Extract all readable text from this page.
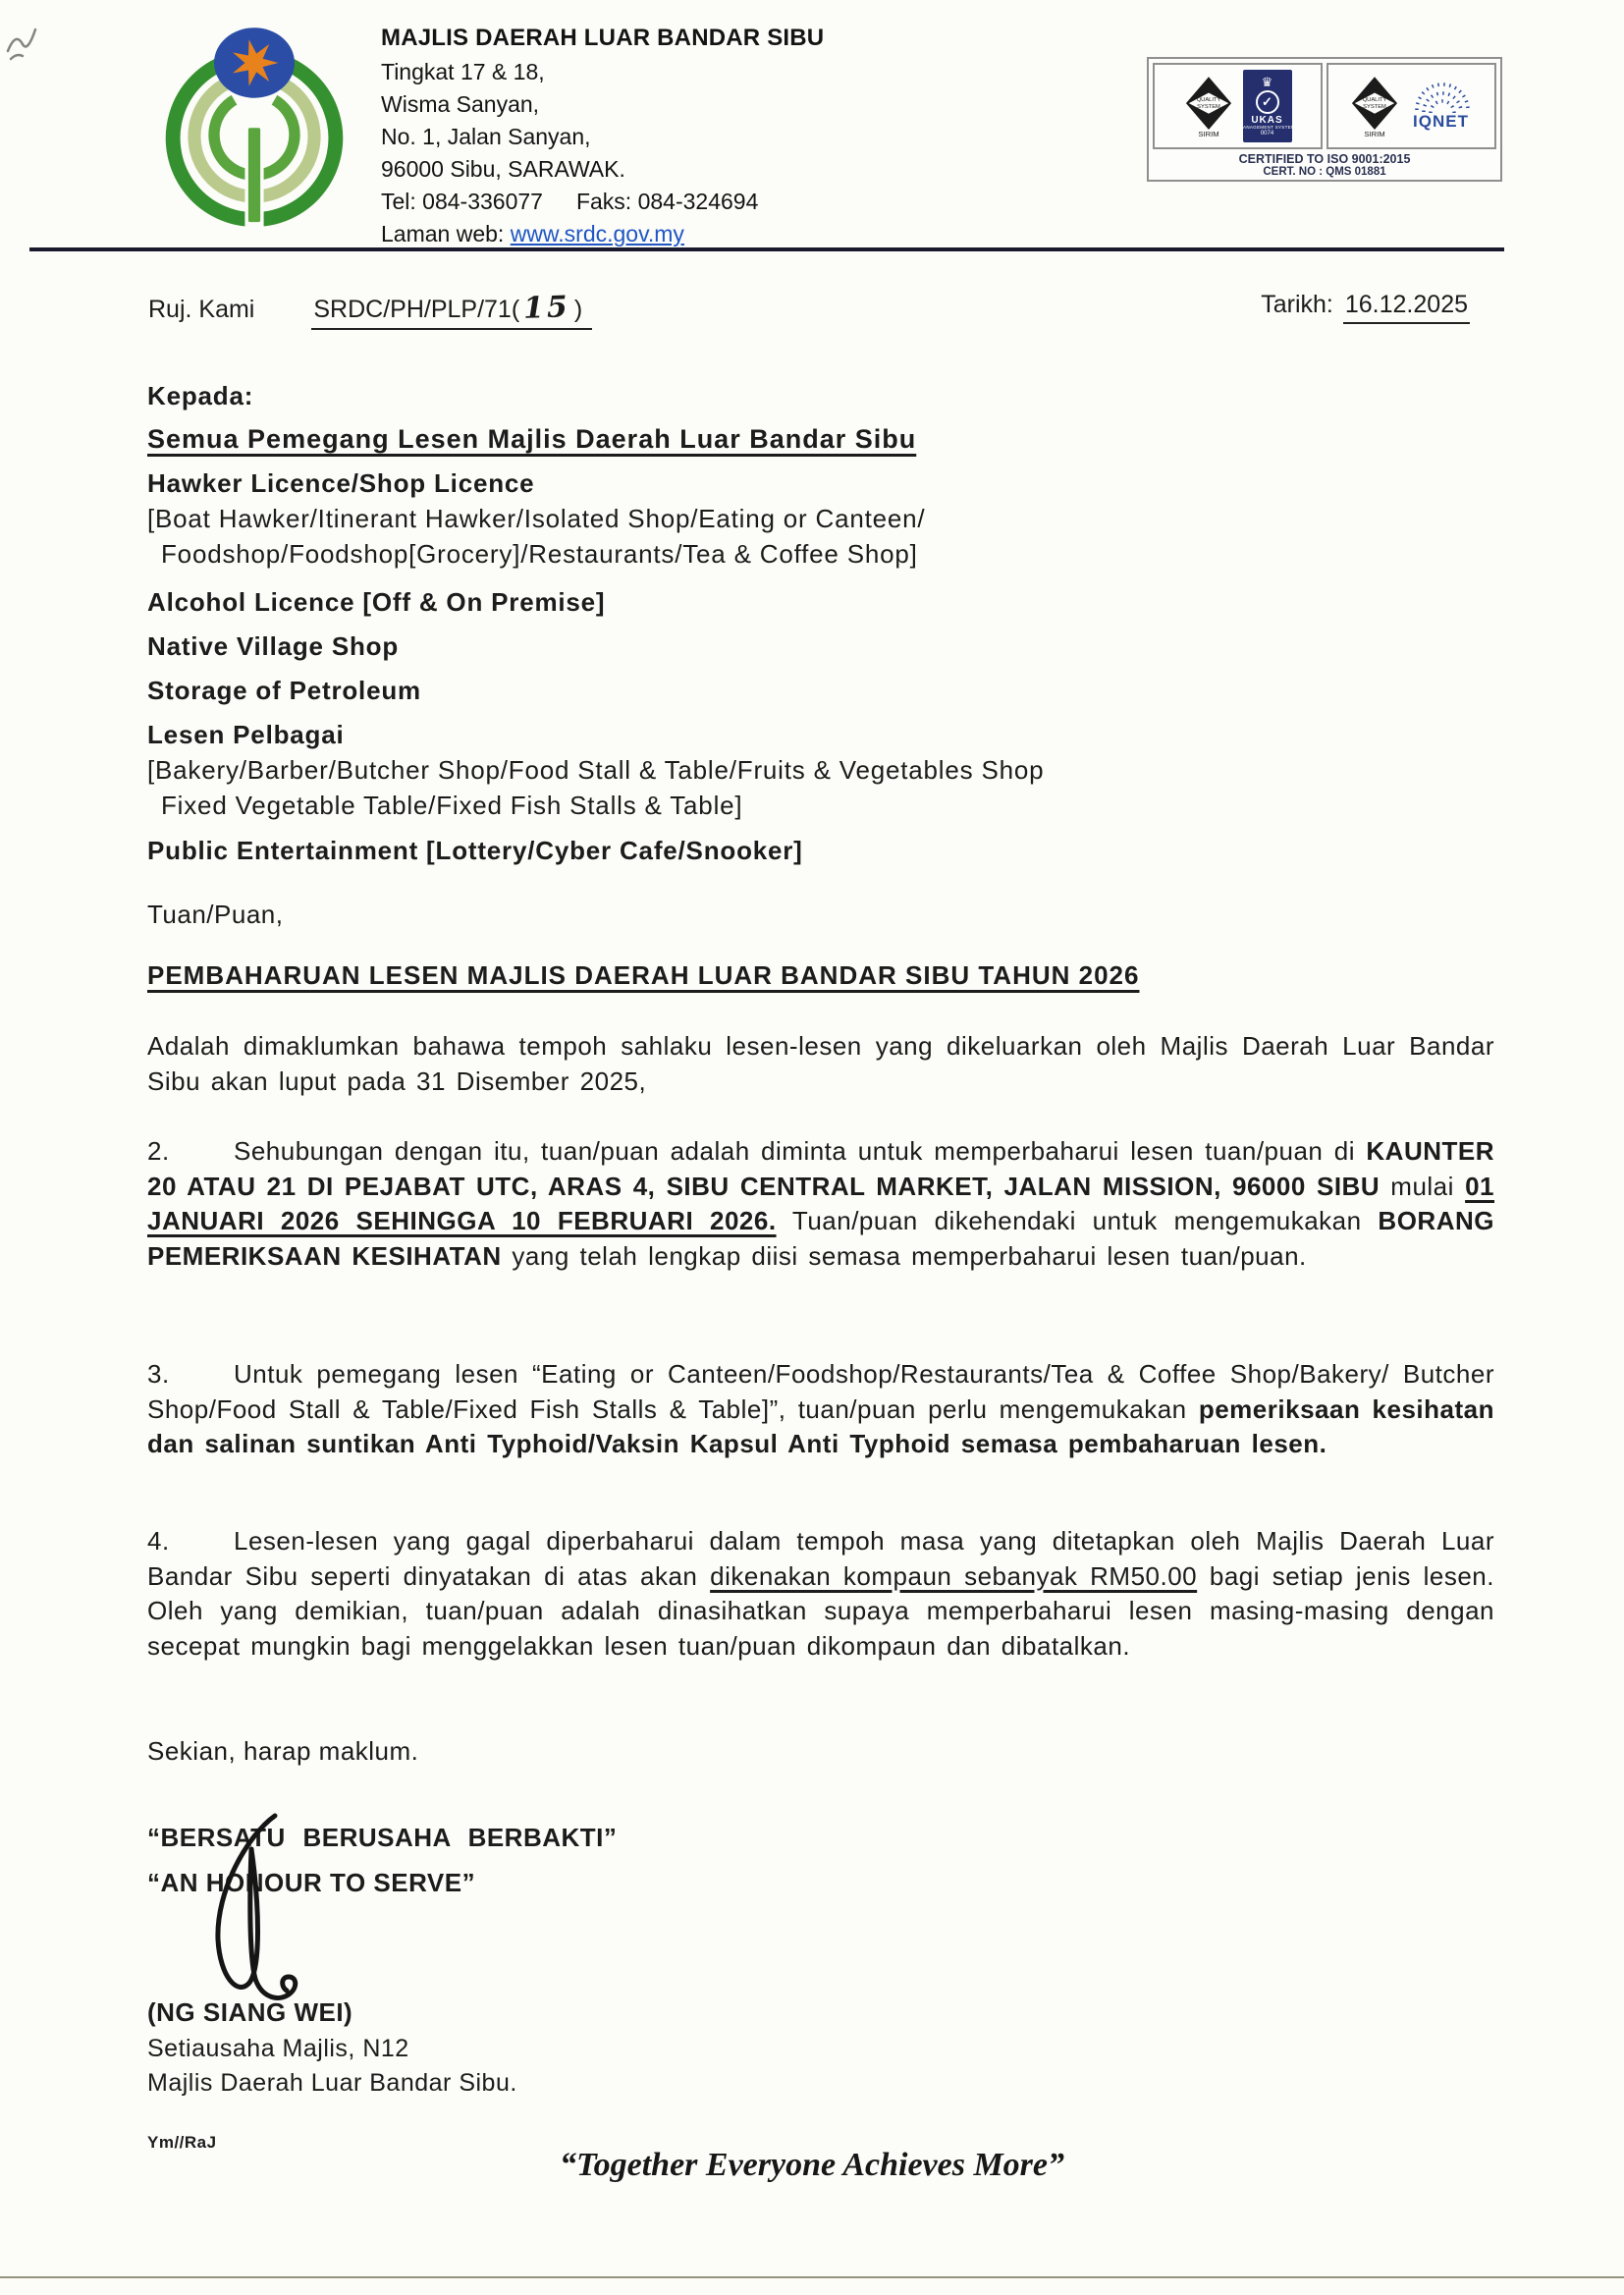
MAJLIS DAERAH LUAR BANDAR SIBU
Tingkat 17 & 18,
Wisma Sanyan,
No. 1, Jalan Sanyan,
96000 Sibu, SARAWAK.
Tel: 084-336077 Faks: 084-324694
Laman web: www.srdc.gov.my
QUALITY
SYSTEM
SIRIM
♛
✓
UKAS
MANAGEMENT SYSTEM
0074
QUALITY
SYSTEM
SIRIM
IQNET
CERTIFIED TO ISO 9001:2015
CERT. NO : QMS 01881
Ruj. Kami SRDC/PH/PLP/71( 15 )	Tarikh: 16.12.2025
Kepada:
Semua Pemegang Lesen Majlis Daerah Luar Bandar Sibu
Hawker Licence/Shop Licence
[Boat Hawker/Itinerant Hawker/Isolated Shop/Eating or Canteen/
Foodshop/Foodshop[Grocery]/Restaurants/Tea & Coffee Shop]
Alcohol Licence [Off & On Premise]
Native Village Shop
Storage of Petroleum
Lesen Pelbagai
[Bakery/Barber/Butcher Shop/Food Stall & Table/Fruits & Vegetables Shop
Fixed Vegetable Table/Fixed Fish Stalls & Table]
Public Entertainment [Lottery/Cyber Cafe/Snooker]
Tuan/Puan,
PEMBAHARUAN LESEN MAJLIS DAERAH LUAR BANDAR SIBU TAHUN 2026

Adalah dimaklumkan bahawa tempoh sahlaku lesen-lesen yang dikeluarkan oleh Majlis Daerah Luar Bandar Sibu akan luput pada 31 Disember 2025,

2.	Sehubungan dengan itu, tuan/puan adalah diminta untuk memperbaharui lesen tuan/puan di KAUNTER 20 ATAU 21 DI PEJABAT UTC, ARAS 4, SIBU CENTRAL MARKET, JALAN MISSION, 96000 SIBU mulai 01 JANUARI 2026 SEHINGGA 10 FEBRUARI 2026. Tuan/puan dikehendaki untuk mengemukakan BORANG PEMERIKSAAN KESIHATAN yang telah lengkap diisi semasa memperbaharui lesen tuan/puan.

3.	Untuk pemegang lesen “Eating or Canteen/Foodshop/Restaurants/Tea & Coffee Shop/Bakery/ Butcher Shop/Food Stall & Table/Fixed Fish Stalls & Table]”, tuan/puan perlu mengemukakan pemeriksaan kesihatan dan salinan suntikan Anti Typhoid/Vaksin Kapsul Anti Typhoid semasa pembaharuan lesen.

4.	Lesen-lesen yang gagal diperbaharui dalam tempoh masa yang ditetapkan oleh Majlis Daerah Luar Bandar Sibu seperti dinyatakan di atas akan dikenakan kompaun sebanyak RM50.00 bagi setiap jenis lesen. Oleh yang demikian, tuan/puan adalah dinasihatkan supaya memperbaharui lesen masing-masing dengan secepat mungkin bagi menggelakkan lesen tuan/puan dikompaun dan dibatalkan.

Sekian, harap maklum.
“BERSATU BERUSAHA BERBAKTI”
“AN HONOUR TO SERVE”
(NG SIANG WEI)
Setiausaha Majlis, N12
Majlis Daerah Luar Bandar Sibu.
Ym//RaJ
“Together Everyone Achieves More”
